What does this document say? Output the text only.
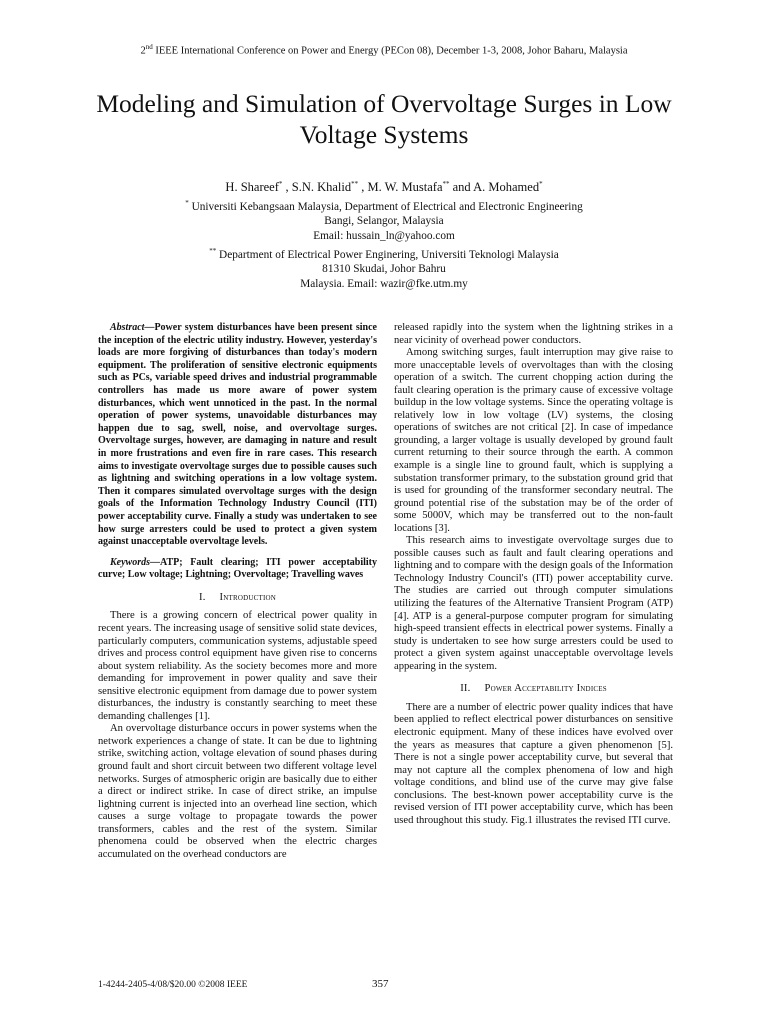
2nd IEEE International Conference on Power and Energy (PECon 08), December 1-3, 2008, Johor Baharu, Malaysia
Modeling and Simulation of Overvoltage Surges in Low Voltage Systems
H. Shareef* , S.N. Khalid** , M. W. Mustafa** and A. Mohamed*
* Universiti Kebangsaan Malaysia, Department of Electrical and Electronic Engineering
Bangi, Selangor, Malaysia
Email: hussain_ln@yahoo.com
** Department of Electrical Power Enginering, Universiti Teknologi Malaysia
81310 Skudai, Johor Bahru
Malaysia. Email: wazir@fke.utm.my

Abstract—Power system disturbances have been present since the inception of the electric utility industry. However, yesterday's loads are more forgiving of disturbances than today's modern equipment. The proliferation of sensitive electronic equipments such as PCs, variable speed drives and industrial programmable controllers has made us more aware of power system disturbances, which went unnoticed in the past. In the normal operation of power systems, unavoidable disturbances may happen due to sag, swell, noise, and overvoltage surges. Overvoltage surges, however, are damaging in nature and result in more frustrations and even fire in rare cases. This research aims to investigate overvoltage surges due to possible causes such as lightning and switching operations in a low voltage system. Then it compares simulated overvoltage surges with the design goals of the Information Technology Industry Council (ITI) power acceptability curve. Finally a study was undertaken to see how surge arresters could be used to protect a given system against unacceptable overvoltage levels.

Keywords—ATP; Fault clearing; ITI power acceptability curve; Low voltage; Lightning; Overvoltage; Travelling waves

I. Introduction

There is a growing concern of electrical power quality in recent years. The increasing usage of sensitive solid state devices, particularly computers, communication systems, adjustable speed drives and process control equipment have given rise to concerns about system reliability. As the society becomes more and more demanding for improvement in power quality and save their sensitive electronic equipment from damage due to power system disturbances, the industry is constantly searching to meet these demanding challenges [1].

An overvoltage disturbance occurs in power systems when the network experiences a change of state. It can be due to lightning strike, switching action, voltage elevation of sound phases during ground fault and short circuit between two different voltage level networks. Surges of atmospheric origin are basically due to either a direct or indirect strike. In case of direct strike, an impulse lightning current is injected into an overhead line section, which causes a surge voltage to propagate towards the power transformers, cables and the rest of the system. Similar phenomena could be observed when the electric charges accumulated on the overhead conductors are

released rapidly into the system when the lightning strikes in a near vicinity of overhead power conductors.

Among switching surges, fault interruption may give raise to more unacceptable levels of overvoltages than with the closing operation of a switch. The current chopping action during the fault clearing operation is the primary cause of excessive voltage buildup in the low voltage systems. Since the operating voltage is relatively low in low voltage (LV) systems, the closing operations of switches are not critical [2]. In case of impedance grounding, a larger voltage is usually developed by ground fault current returning to their source through the earth. A common example is a single line to ground fault, which is supplying a substation transformer primary, to the substation ground grid that is used for grounding of the transformer secondary neutral. The ground potential rise of the substation may be of the order of some 5000V, which may be transferred out to the non-fault locations [3].

This research aims to investigate overvoltage surges due to possible causes such as fault and fault clearing operations and lightning and to compare with the design goals of the Information Technology Industry Council's (ITI) power acceptability curve. The studies are carried out through computer simulations utilizing the features of the Alternative Transient Program (ATP) [4]. ATP is a general-purpose computer program for simulating high-speed transient effects in electrical power systems. Finally a study is undertaken to see how surge arresters could be used to protect a given system against unacceptable overvoltage levels appearing in the system.

II. Power Acceptability Indices

There are a number of electric power quality indices that have been applied to reflect electrical power disturbances on sensitive electronic equipment. Many of these indices have evolved over the years as measures that capture a given phenomenon [5]. There is not a single power acceptability curve, but several that may not capture all the complex phenomena of low and high voltage conditions, and blind use of the curve may give false conclusions. The best-known power acceptability curve is the revised version of ITI power acceptability curve, which has been used throughout this study. Fig.1 illustrates the revised ITI curve.

1-4244-2405-4/08/$20.00 ©2008 IEEE	357
